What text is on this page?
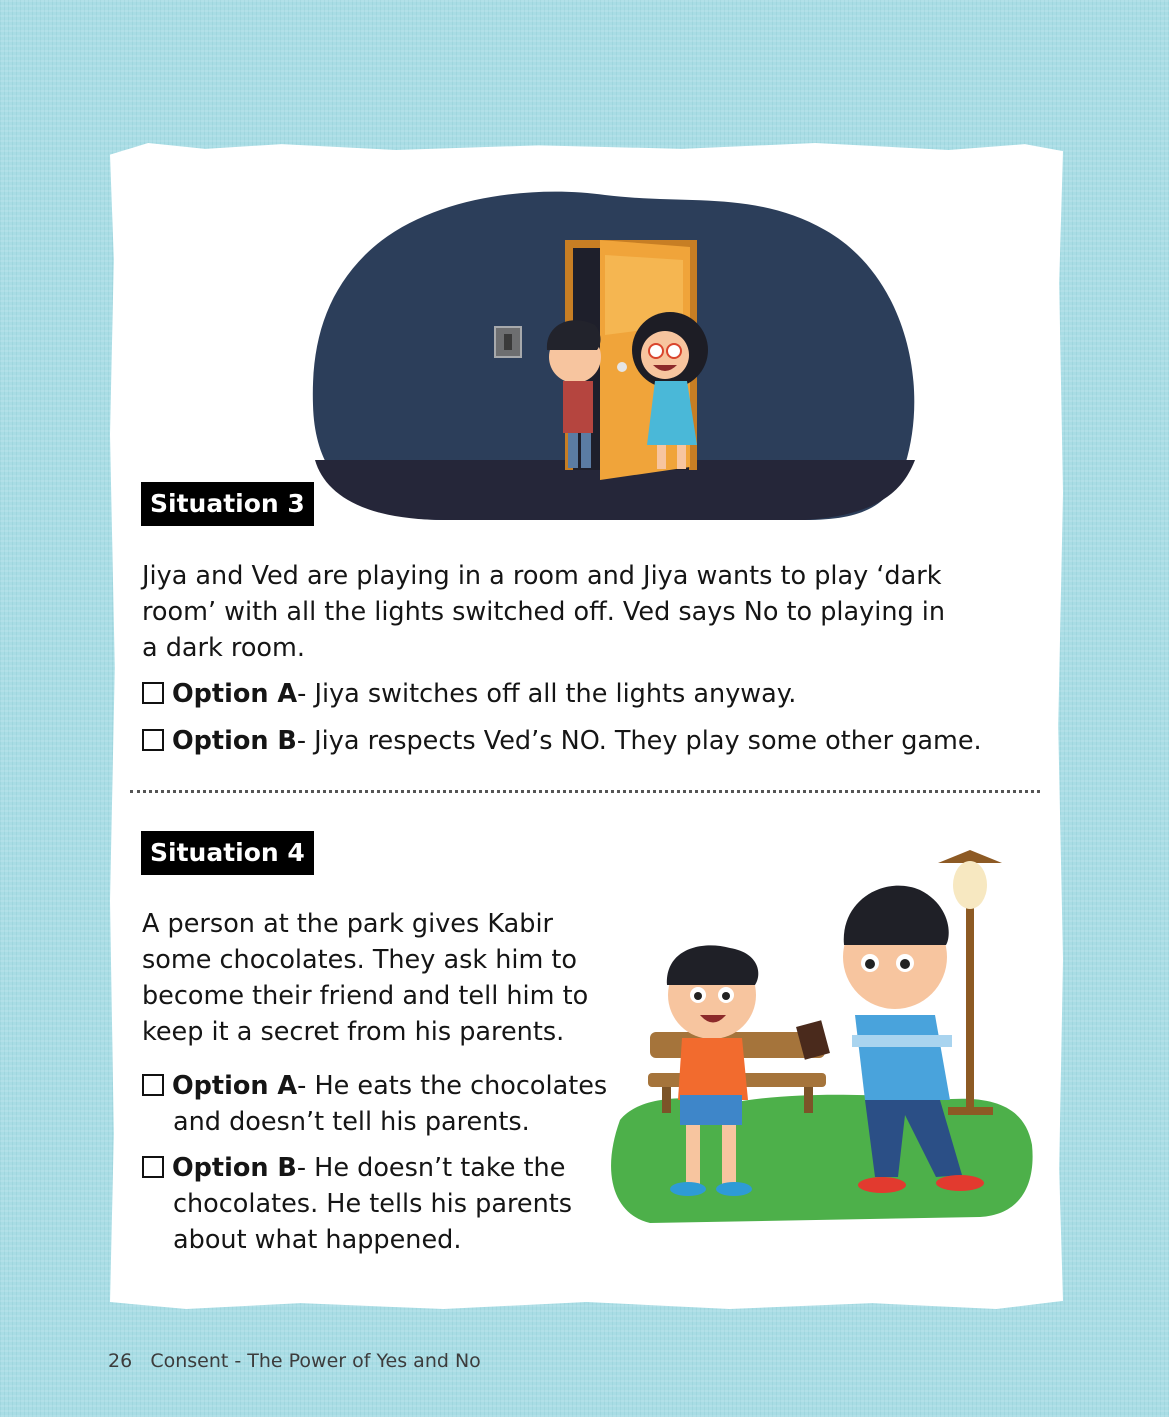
Situation 3

Jiya and Ved are playing in a room and Jiya wants to play ‘dark
room’ with all the lights switched off. Ved says No to playing in
a dark room.

Option A- Jiya switches off all the lights anyway.
Option B- Jiya respects Ved’s NO. They play some other game.
Situation 4

A person at the park gives Kabir
some chocolates. They ask him to
become their friend and tell him to
keep it a secret from his parents.

Option A- He eats the chocolates
and doesn’t tell his parents.
Option B- He doesn’t take the
chocolates. He tells his parents
about what happened.
26 Consent - The Power of Yes and No
